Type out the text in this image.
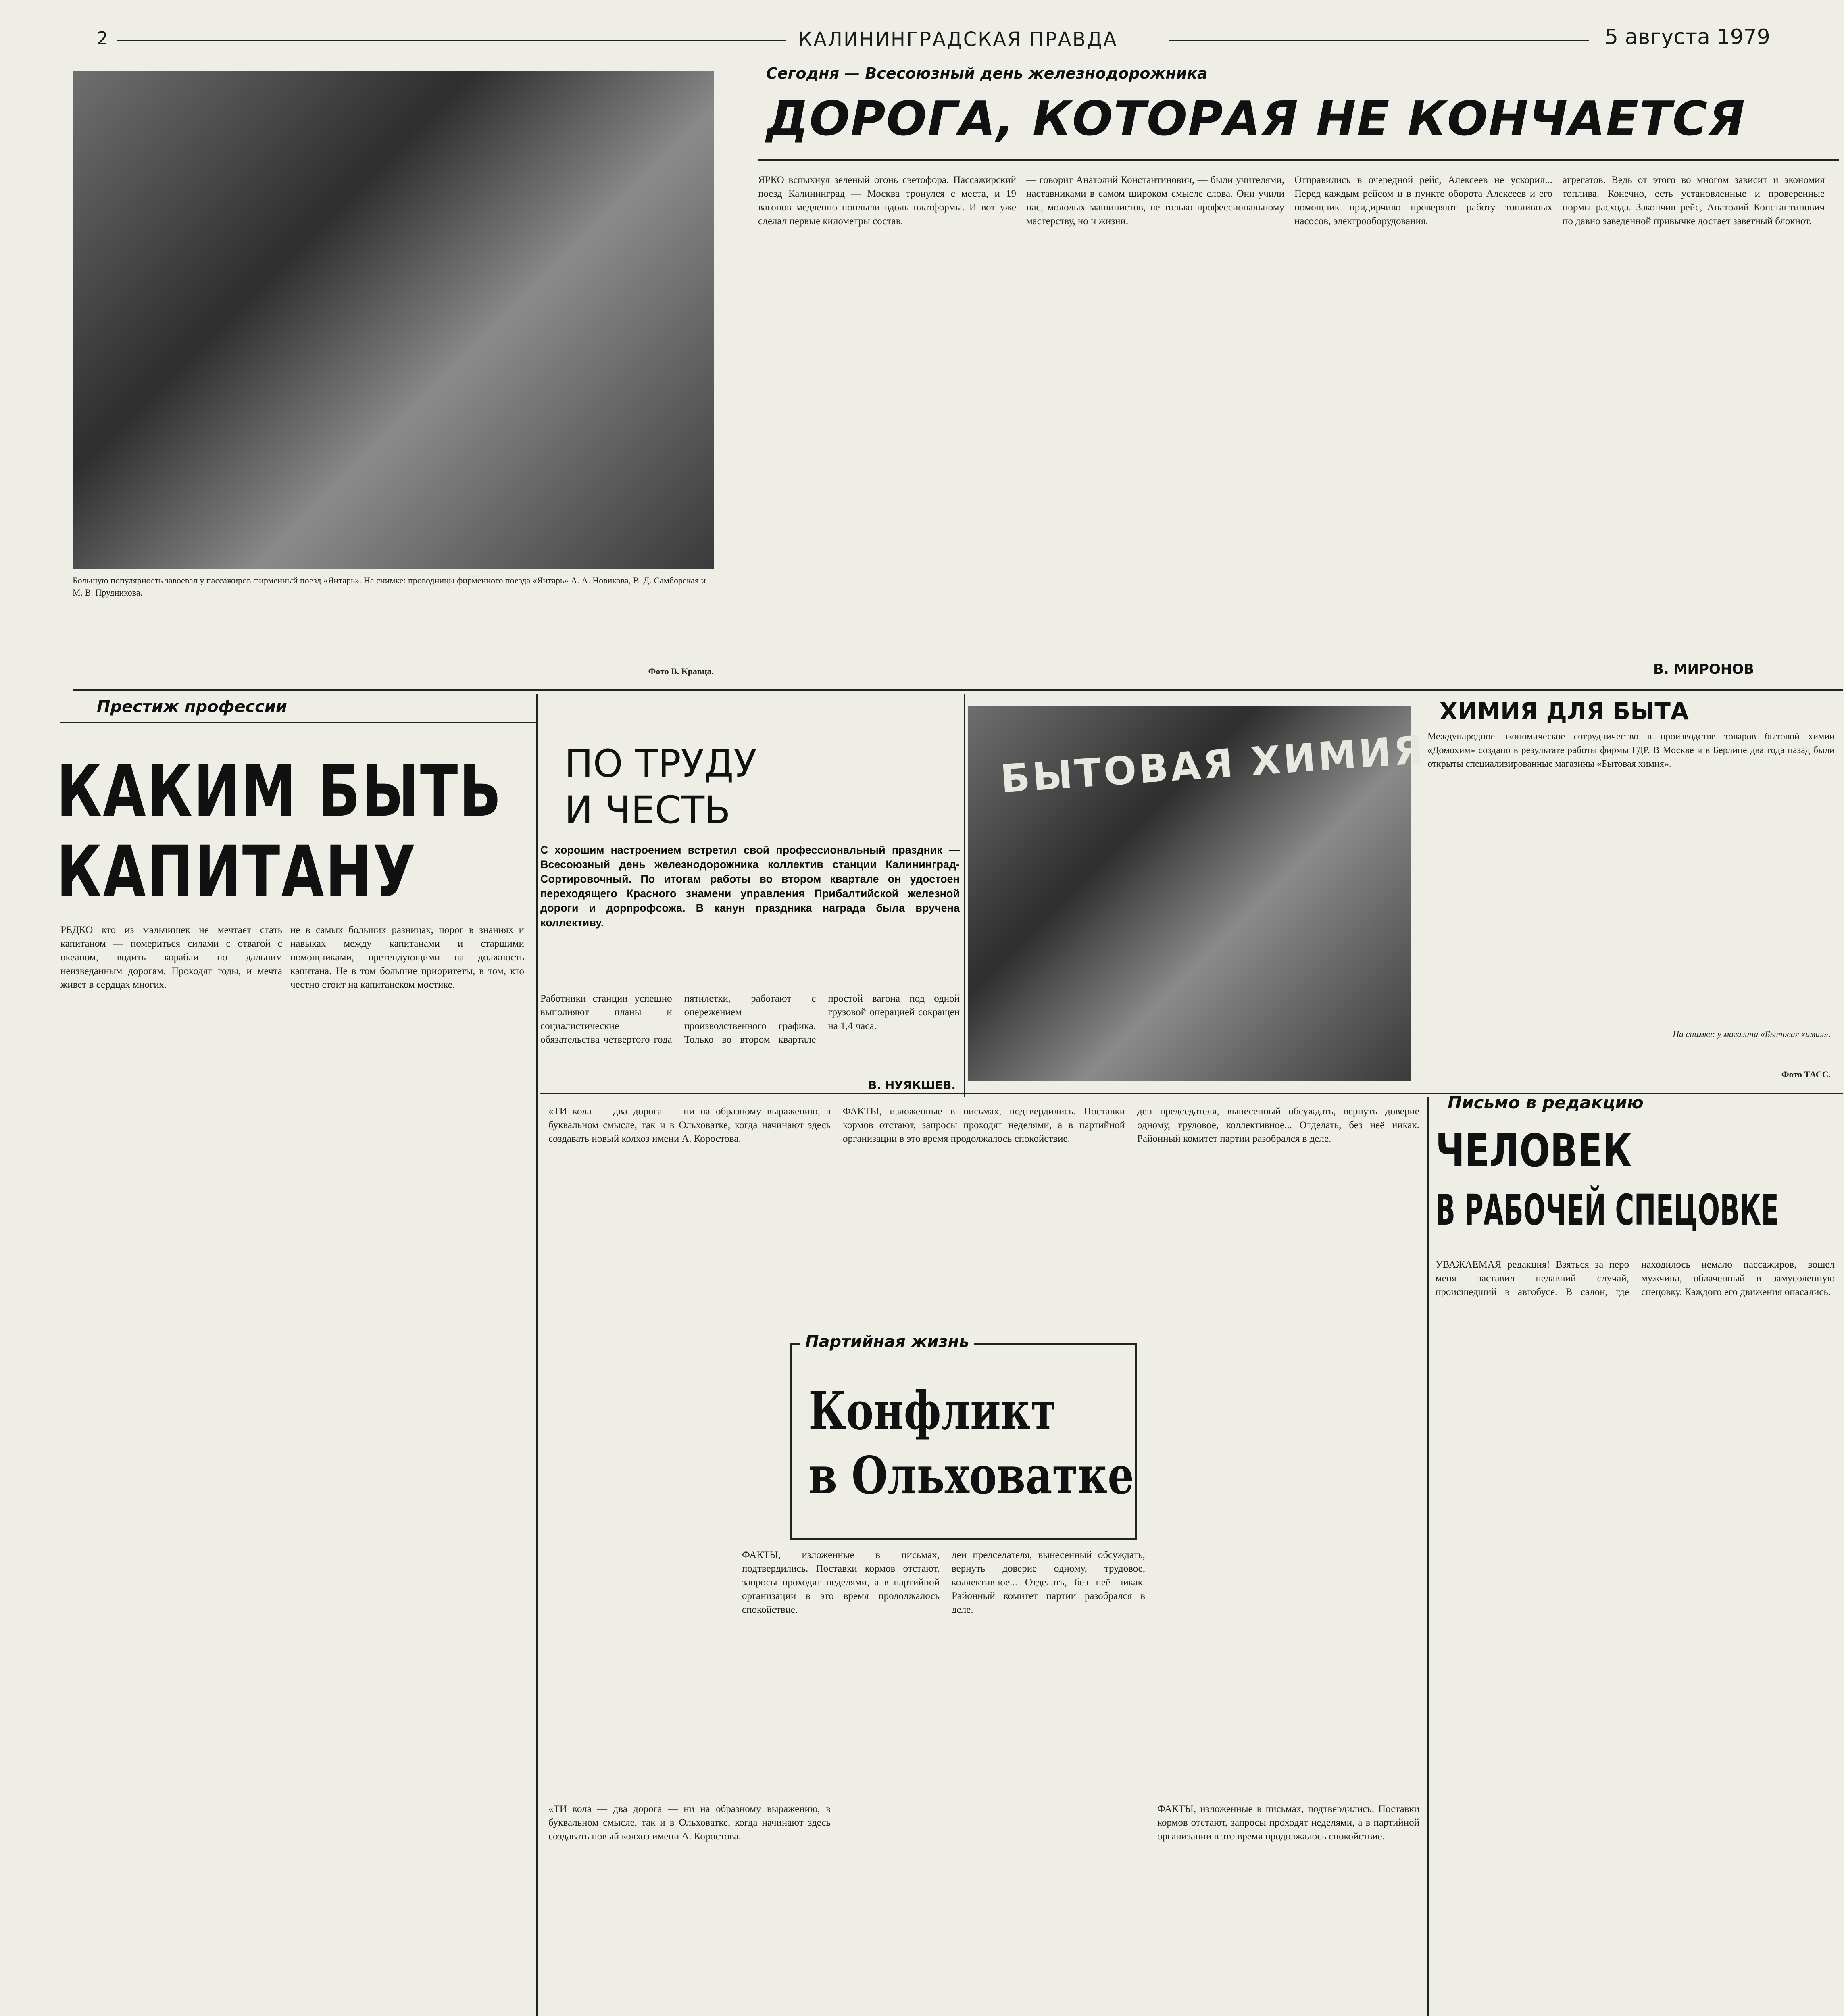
2	КАЛИНИНГРАДСКАЯ ПРАВДА	5 августа 1979
Большую популярность завоевал у пассажиров фирменный поезд «Янтарь». На снимке: проводницы фирменного поезда «Янтарь» А. А. Новикова, В. Д. Самборская и М. В. Прудникова.
Фото В. Кравца.
Сегодня — Всесоюзный день железнодорожника
ДОРОГА, КОТОРАЯ НЕ КОНЧАЕТСЯ
ЯРКО вспыхнул зеленый огонь светофора. Пассажирский поезд Калининград — Москва тронулся с места, и 19 вагонов медленно поплыли вдоль платформы. И вот уже сделал первые километры состав.
— говорит Анатолий Константинович, — были учителями, наставниками в самом широком смысле слова. Они учили нас, молодых машинистов, не только профессиональному мастерству, но и жизни.
Отправились в очередной рейс, Алексеев не ускорил... Перед каждым рейсом и в пункте оборота Алексеев и его помощник придирчиво проверяют работу топливных насосов, электрооборудования.
агрегатов. Ведь от этого во многом зависит и экономия топлива. Конечно, есть установленные и проверенные нормы расхода. Закончив рейс, Анатолий Константинович по давно заведенной привычке достает заветный блокнот.
В. МИРОНОВ
Престиж профессии
КАКИМ БЫТЬ
КАПИТАНУ
РЕДКО кто из мальчишек не мечтает стать капитаном — помериться силами с отвагой с океаном, водить корабли по дальним неизведанным дорогам. Проходят годы, и мечта живет в сердцах многих.
не в самых больших разницах, порог в знаниях и навыках между капитанами и старшими помощниками, претендующими на должность капитана. Не в том большие приоритеты, в том, кто честно стоит на капитанском мостике.
ПО ТРУДУ
И ЧЕСТЬ
С хорошим настроением встретил свой профессиональный праздник — Всесоюзный день железнодорожника коллектив станции Калининград-Сортировочный. По итогам работы во втором квартале он удостоен переходящего Красного знамени управления Прибалтийской железной дороги и дорпрофсожа. В канун праздника награда была вручена коллективу.
Работники станции успешно выполняют планы и социалистические обязательства четвертого года пятилетки, работают с опережением производственного графика. Только во втором квартале простой вагона под одной грузовой операцией сокращен на 1,4 часа.
В. НУЯКШЕВ.
БЫТОВАЯ ХИМИЯ
ХИМИЯ ДЛЯ БЫТА
Международное экономическое сотрудничество в производстве товаров бытовой химии «Домохим» создано в результате работы фирмы ГДР. В Москве и в Берлине два года назад были открыты специализированные магазины «Бытовая химия».
На снимке: у магазина «Бытовая химия».
Фото ТАСС.
Письмо в редакцию
ЧЕЛОВЕК
В РАБОЧЕЙ СПЕЦОВКЕ
УВАЖАЕМАЯ редакция! Взяться за перо меня заставил недавний случай, происшедший в автобусе. В салон, где находилось немало пассажиров, вошел мужчина, облаченный в замусоленную спецовку. Каждого его движения опасались.
«ТИ кола — два дорога — ни на образному выражению, в буквальном смысле, так и в Ольховатке, когда начинают здесь создавать новый колхоз имени А. Коростова.
ФАКТЫ, изложенные в письмах, подтвердились. Поставки кормов отстают, запросы проходят неделями, а в партийной организации в это время продолжалось спокойствие.
ден председателя, вынесенный обсуждать, вернуть доверие одному, трудовое, коллективное... Отделать, без неё никак. Районный комитет партии разобрался в деле.
Партийная жизнь
Конфликт
в Ольховатке
«ТИ кола — два дорога — ни на образному выражению, в буквальном смысле, так и в Ольховатке, когда начинают здесь создавать новый колхоз имени А. Коростова.
ФАКТЫ, изложенные в письмах, подтвердились. Поставки кормов отстают, запросы проходят неделями, а в партийной организации в это время продолжалось спокойствие.
ден председателя, вынесенный обсуждать, вернуть доверие одному, трудовое, коллективное... Отделать, без неё никак. Районный комитет партии разобрался в деле.
ФАКТЫ, изложенные в письмах, подтвердились. Поставки кормов отстают, запросы проходят неделями, а в партийной организации в это время продолжалось спокойствие.
